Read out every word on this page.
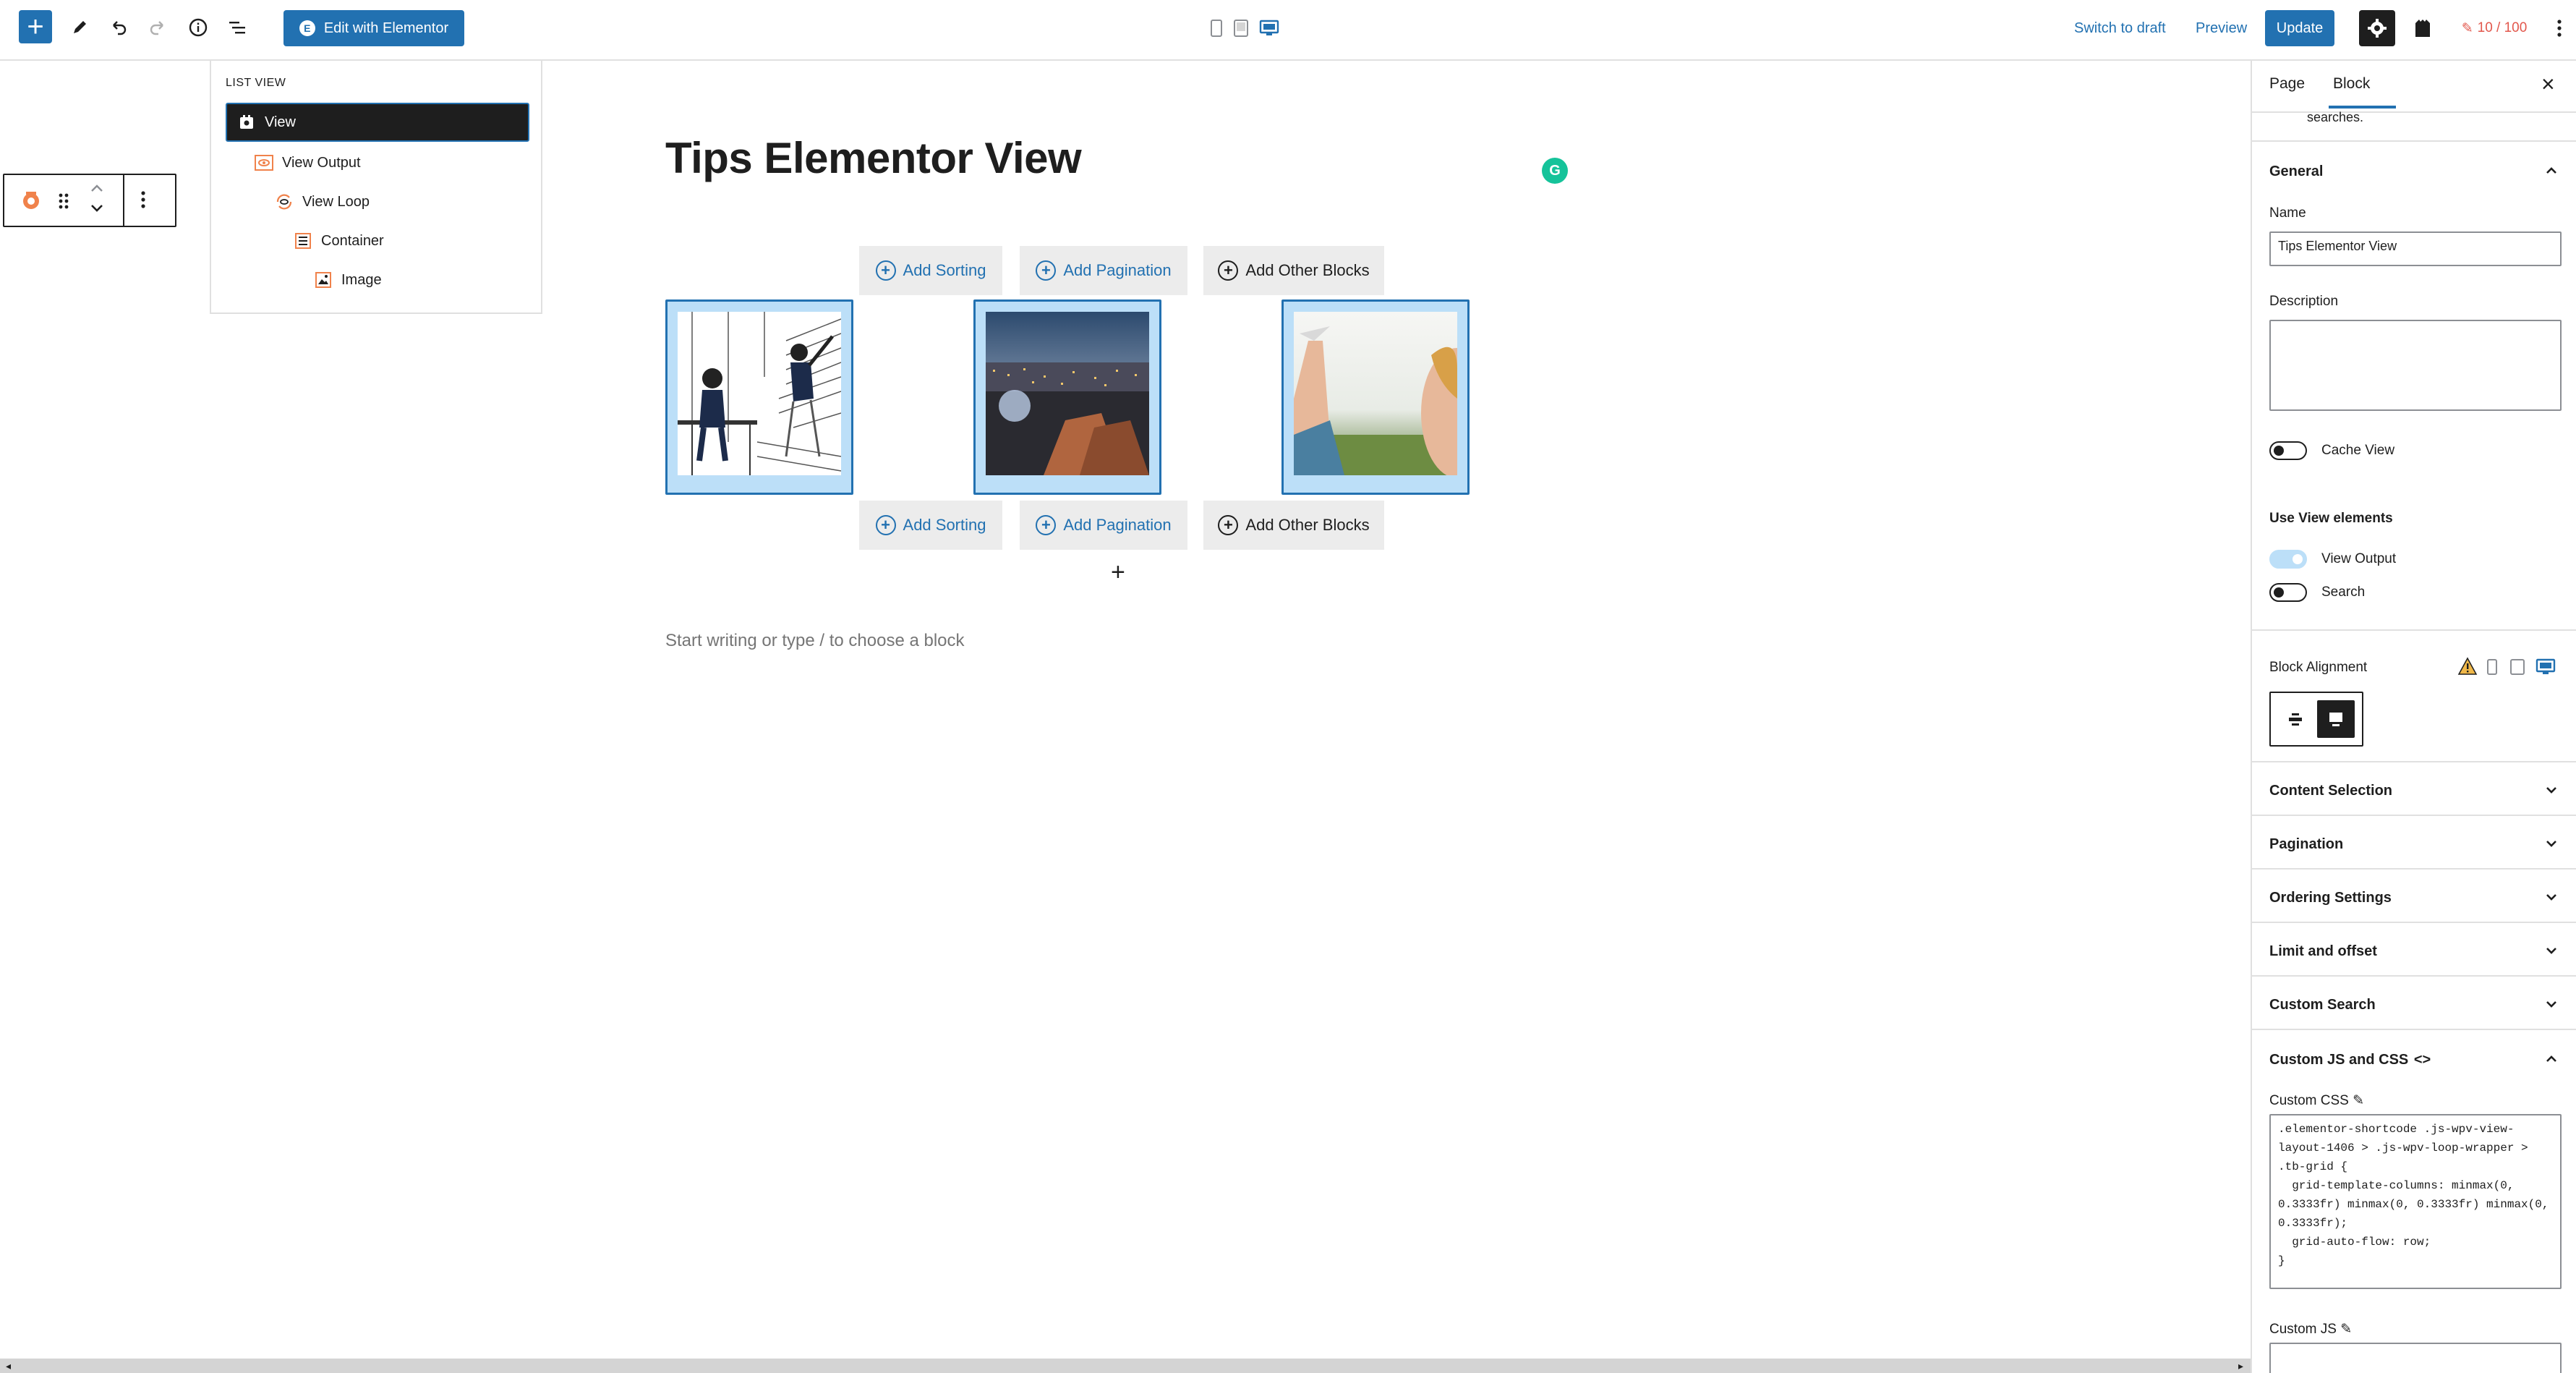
+	E Edit with Elementor	Switch to draft Preview	Update	✎ 10 / 100
LIST VIEW
View
View Output
View Loop
Container
Image
Tips Elementor View	G
+ Add Sorting	+ Add Pagination	+ Add Other Blocks
+ Add Sorting	+ Add Pagination	+ Add Other Blocks
+
Start writing or type / to choose a block
Page Block	×
searches.
General
Name
Tips Elementor View
Description
Cache View
Use View elements
View Output
Search
Block Alignment
Content Selection
Pagination
Ordering Settings
Limit and offset
Custom Search
Custom JS and CSS <>
Custom CSS ✎
.elementor-shortcode .js-wpv-view-layout-1406 > .js-wpv-loop-wrapper > .tb-grid {
grid-template-columns: minmax(0, 0.3333fr) minmax(0, 0.3333fr) minmax(0, 0.3333fr);
grid-auto-flow: row;
}
Custom JS ✎
◂	▸
